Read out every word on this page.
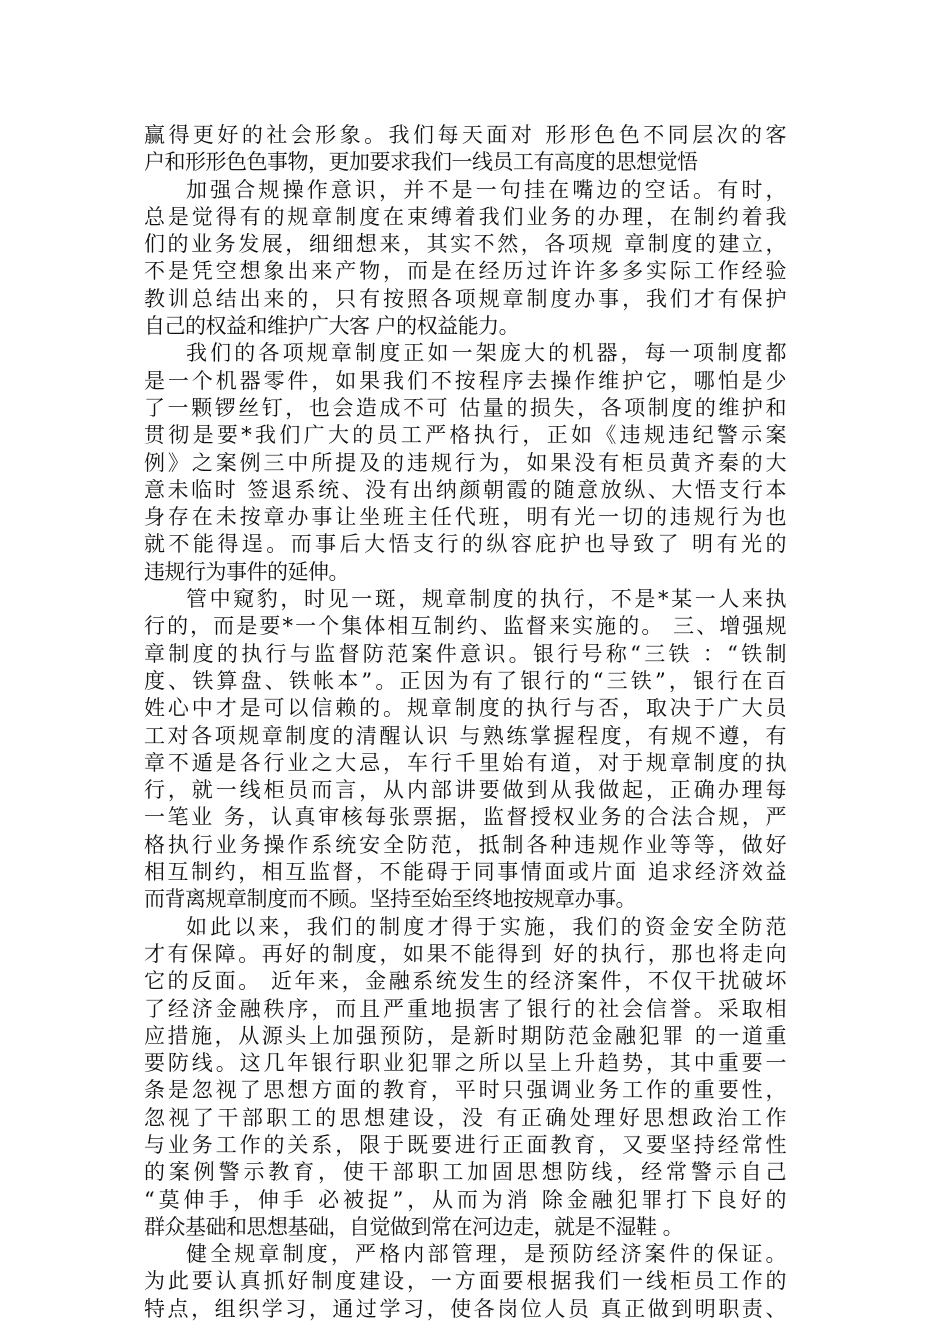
赢得更好的社会形象。我们每天面对 形形色色不同层次的客
户和形形色色事物，更加要求我们一线员工有高度的思想觉悟
加强合规操作意识，并不是一句挂在嘴边的空话。有时，
总是觉得有的规章制度在束缚着我们业务的办理，在制约着我
们的业务发展，细细想来，其实不然，各项规 章制度的建立，
不是凭空想象出来产物，而是在经历过许许多多实际工作经验
教训总结出来的，只有按照各项规章制度办事，我们才有保护
自己的权益和维护广大客 户的权益能力。
我们的各项规章制度正如一架庞大的机器，每一项制度都
是一个机器零件，如果我们不按程序去操作维护它，哪怕是少
了一颗锣丝钉，也会造成不可 估量的损失，各项制度的维护和
贯彻是要*我们广大的员工严格执行，正如《违规违纪警示案
例》之案例三中所提及的违规行为，如果没有柜员黄齐秦的大
意未临时 签退系统、没有出纳颜朝霞的随意放纵、大悟支行本
身存在未按章办事让坐班主任代班，明有光一切的违规行为也
就不能得逞。而事后大悟支行的纵容庇护也导致了 明有光的
违规行为事件的延伸。
管中窥豹，时见一斑，规章制度的执行，不是*某一人来执
行的，而是要*一个集体相互制约、监督来实施的。 三、增强规
章制度的执行与监督防范案件意识。银行号称“三铁 ：“铁制
度、铁算盘、铁帐本”。正因为有了银行的“三铁”，银行在百
姓心中才是可以信赖的。规章制度的执行与否，取决于广大员
工对各项规章制度的清醒认识 与熟练掌握程度，有规不遵，有
章不遁是各行业之大忌，车行千里始有道，对于规章制度的执
行，就一线柜员而言，从内部讲要做到从我做起，正确办理每
一笔业 务，认真审核每张票据，监督授权业务的合法合规，严
格执行业务操作系统安全防范，抵制各种违规作业等等，做好
相互制约，相互监督，不能碍于同事情面或片面 追求经济效益
而背离规章制度而不顾。坚持至始至终地按规章办事。
如此以来，我们的制度才得于实施，我们的资金安全防范
才有保障。再好的制度，如果不能得到 好的执行，那也将走向
它的反面。 近年来，金融系统发生的经济案件，不仅干扰破坏
了经济金融秩序，而且严重地损害了银行的社会信誉。采取相
应措施，从源头上加强预防，是新时期防范金融犯罪 的一道重
要防线。这几年银行职业犯罪之所以呈上升趋势，其中重要一
条是忽视了思想方面的教育，平时只强调业务工作的重要性，
忽视了干部职工的思想建设，没 有正确处理好思想政治工作
与业务工作的关系，限于既要进行正面教育，又要坚持经常性
的案例警示教育，使干部职工加固思想防线，经常警示自己
“莫伸手，伸手 必被捉”，从而为消 除金融犯罪打下良好的
群众基础和思想基础，自觉做到常在河边走，就是不湿鞋 。
健全规章制度，严格内部管理，是预防经济案件的保证。
为此要认真抓好制度建设，一方面要根据我们一线柜员工作的
特点，组织学习，通过学习，使各岗位人员 真正做到明职责、
